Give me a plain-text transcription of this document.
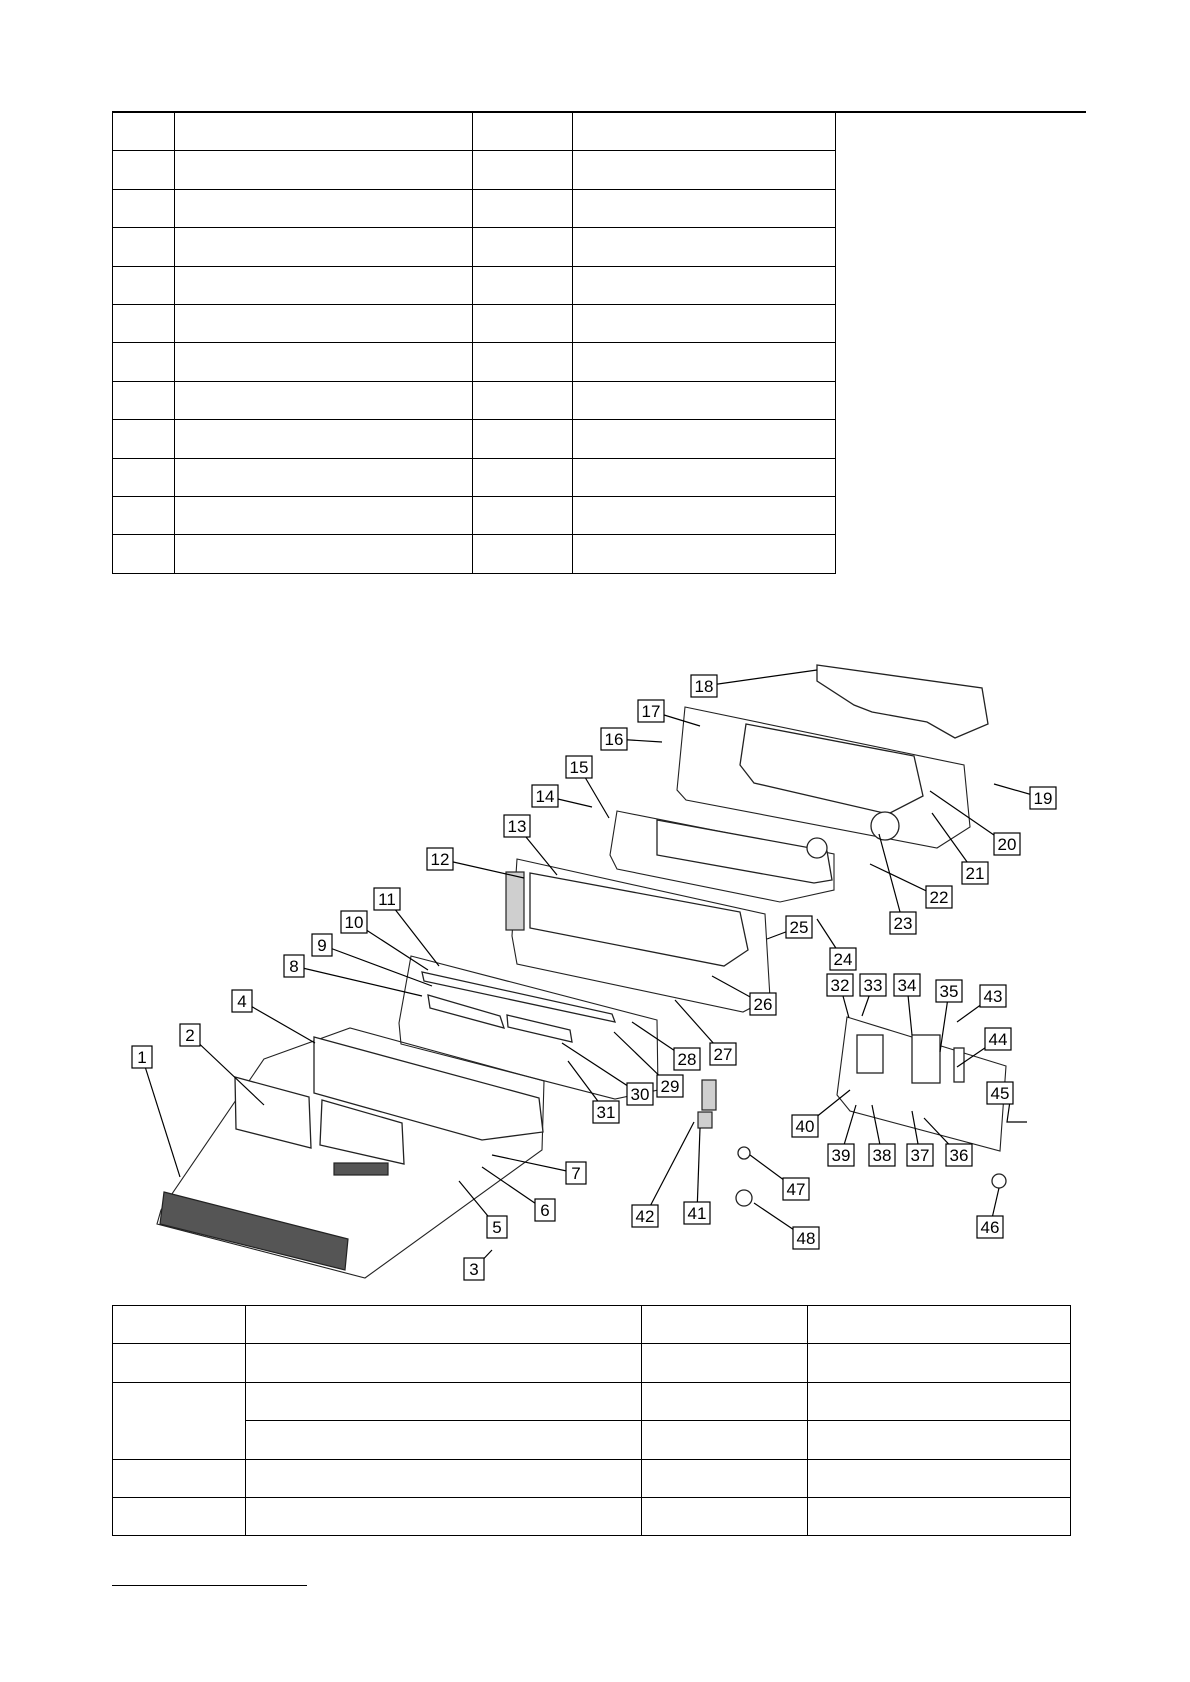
1
2
3
4
5
6
7
8
9
10
11
12
13
14
15
16
17
18
19
20
21
22
23
24
25
26
27
28
29
30
31
32 33 34 35
36
37
38
39
40
41
42
43
44
45
46
47
48
